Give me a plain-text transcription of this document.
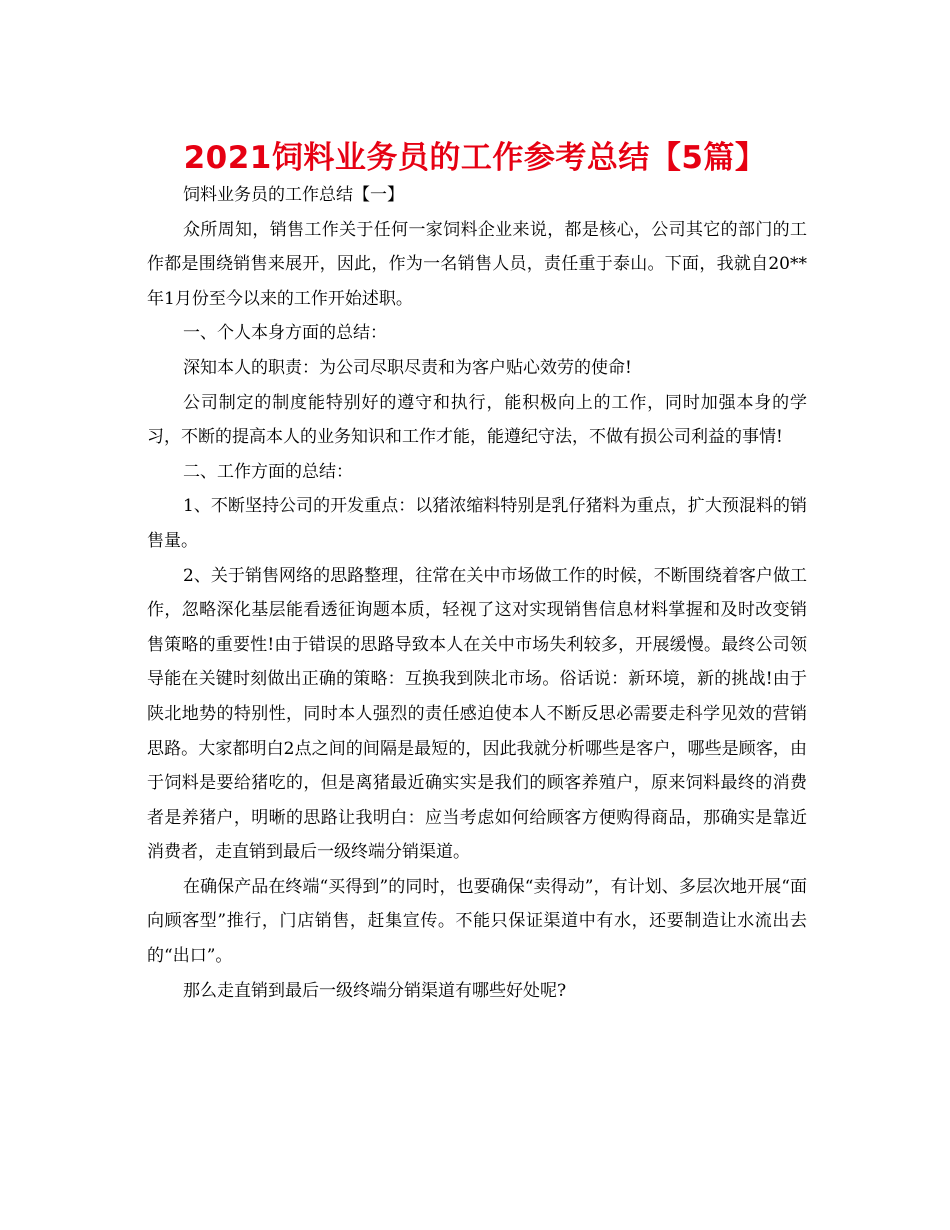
2021饲料业务员的工作参考总结【5篇】

饲料业务员的工作总结【一】

众所周知，销售工作关于任何一家饲料企业来说，都是核心，公司其它的部门的工作都是围绕销售来展开，因此，作为一名销售人员，责任重于泰山。下面，我就自20**年1月份至今以来的工作开始述职。

一、个人本身方面的总结：

深知本人的职责：为公司尽职尽责和为客户贴心效劳的使命!

公司制定的制度能特别好的遵守和执行，能积极向上的工作，同时加强本身的学习，不断的提高本人的业务知识和工作才能，能遵纪守法，不做有损公司利益的事情!

二、工作方面的总结：

1、不断坚持公司的开发重点：以猪浓缩料特别是乳仔猪料为重点，扩大预混料的销售量。

2、关于销售网络的思路整理，往常在关中市场做工作的时候，不断围绕着客户做工作，忽略深化基层能看透征询题本质，轻视了这对实现销售信息材料掌握和及时改变销售策略的重要性!由于错误的思路导致本人在关中市场失利较多，开展缓慢。最终公司领导能在关键时刻做出正确的策略：互换我到陕北市场。俗话说：新环境，新的挑战!由于陕北地势的特别性，同时本人强烈的责任感迫使本人不断反思必需要走科学见效的营销思路。大家都明白2点之间的间隔是最短的，因此我就分析哪些是客户，哪些是顾客，由于饲料是要给猪吃的，但是离猪最近确实实是我们的顾客养殖户，原来饲料最终的消费者是养猪户，明晰的思路让我明白：应当考虑如何给顾客方便购得商品，那确实是靠近消费者，走直销到最后一级终端分销渠道。

在确保产品在终端“买得到”的同时，也要确保“卖得动”，有计划、多层次地开展“面向顾客型”推行，门店销售，赶集宣传。不能只保证渠道中有水，还要制造让水流出去的“出口”。

那么走直销到最后一级终端分销渠道有哪些好处呢?
